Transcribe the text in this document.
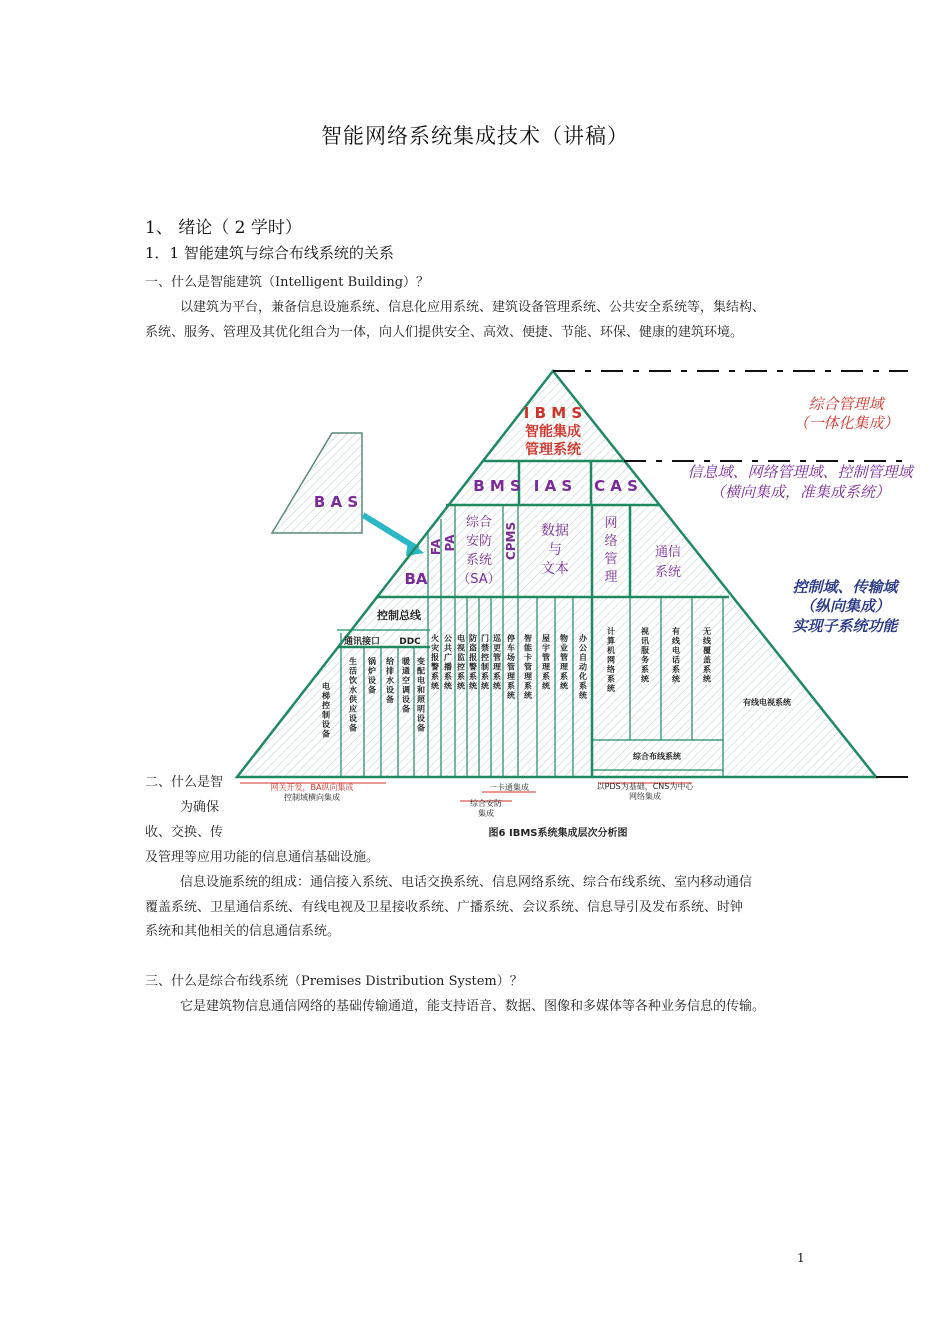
智能网络系统集成技术（讲稿）
1、 绪论（ 2 学时）
1．1 智能建筑与综合布线系统的关系
一、什么是智能建筑（Intelligent Building）？
以建筑为平台，兼备信息设施系统、信息化应用系统、建筑设备管理系统、公共安全系统等，集结构、
系统、服务、管理及其优化组合为一体，向人们提供安全、高效、便捷、节能、环保、健康的建筑环境。
I B M S
智能集成
管理系统
B M S I A S C A S
B A S
BA
FA PA
综合
安防
系统
（SA）
CPMS 数据
与
文本
网
络
管
理
通信
系统
控制总线
通讯接口 DDC
电梯控制设备
生活饮水供应设备
锅炉设备
给排水设备
暖通空调设备
变配电和照明设备
火灾报警系统
公共广播系统
电视监控系统
防盗报警系统
门禁控制系统
巡更管理系统
停车场管理系统
智能卡管理系统
屋宇管理系统
物业管理系统
办公自动化系统
计算机网络系统
视讯服务系统
有线电话系统
无线覆盖系统
有线电视系统
综合布线系统
综合管理域
（一体化集成）
信息域、网络管理域、控制管理域
（横向集成，准集成系统）
控制域、传输域
（纵向集成）
实现子系统功能
网关开发，BA纵向集成
控制域横向集成
一卡通集成
综合安防
集成
以PDS为基础，CNS为中心
网络集成
图6 IBMS系统集成层次分析图
二、什么是智
为确保
收、交换、传
及管理等应用功能的信息通信基础设施。
信息设施系统的组成：通信接入系统、电话交换系统、信息网络系统、综合布线系统、室内移动通信
覆盖系统、卫星通信系统、有线电视及卫星接收系统、广播系统、会议系统、信息导引及发布系统、时钟
系统和其他相关的信息通信系统。
三、什么是综合布线系统（Premises Distribution System）？
它是建筑物信息通信网络的基础传输通道，能支持语音、数据、图像和多媒体等各种业务信息的传输。
1
